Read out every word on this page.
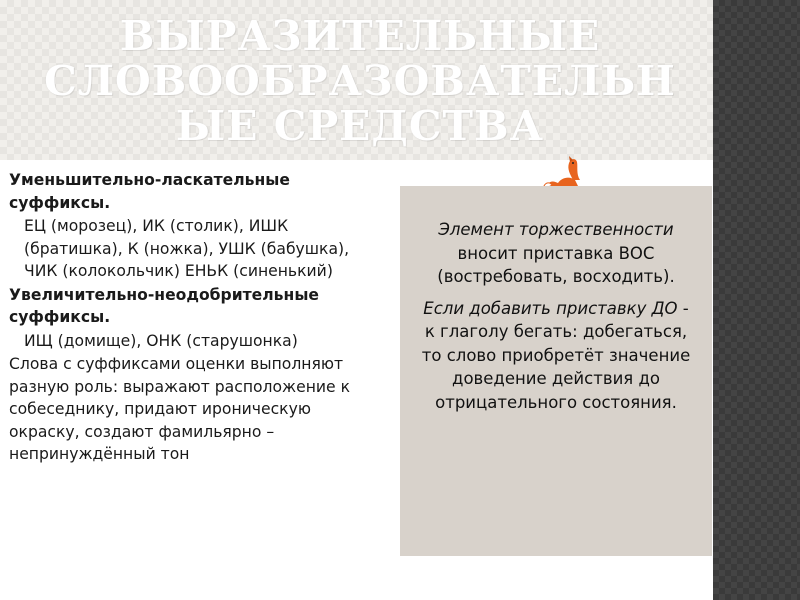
ВЫРАЗИТЕЛЬНЫЕ
СЛОВООБРАЗОВАТЕЛЬН
ЫЕ СРЕДСТВА

Уменьшительно-ласкательные суффиксы.

ЕЦ (морозец), ИК (столик), ИШК (братишка), К (ножка), УШК (бабушка), ЧИК (колокольчик) ЕНЬК (синенький)

Увеличительно-неодобрительные суффиксы.

ИЩ (домище), ОНК (старушонка)

Слова с суффиксами оценки выполняют разную роль: выражают расположение к собеседнику, придают ироническую окраску, создают фамильярно – непринуждённый тон

Элемент торжественности вносит приставка ВОС (востребовать, восходить).

Если добавить приставку ДО - к глаголу бегать: добегаться, то слово приобретёт значение доведение действия до отрицательного состояния.
